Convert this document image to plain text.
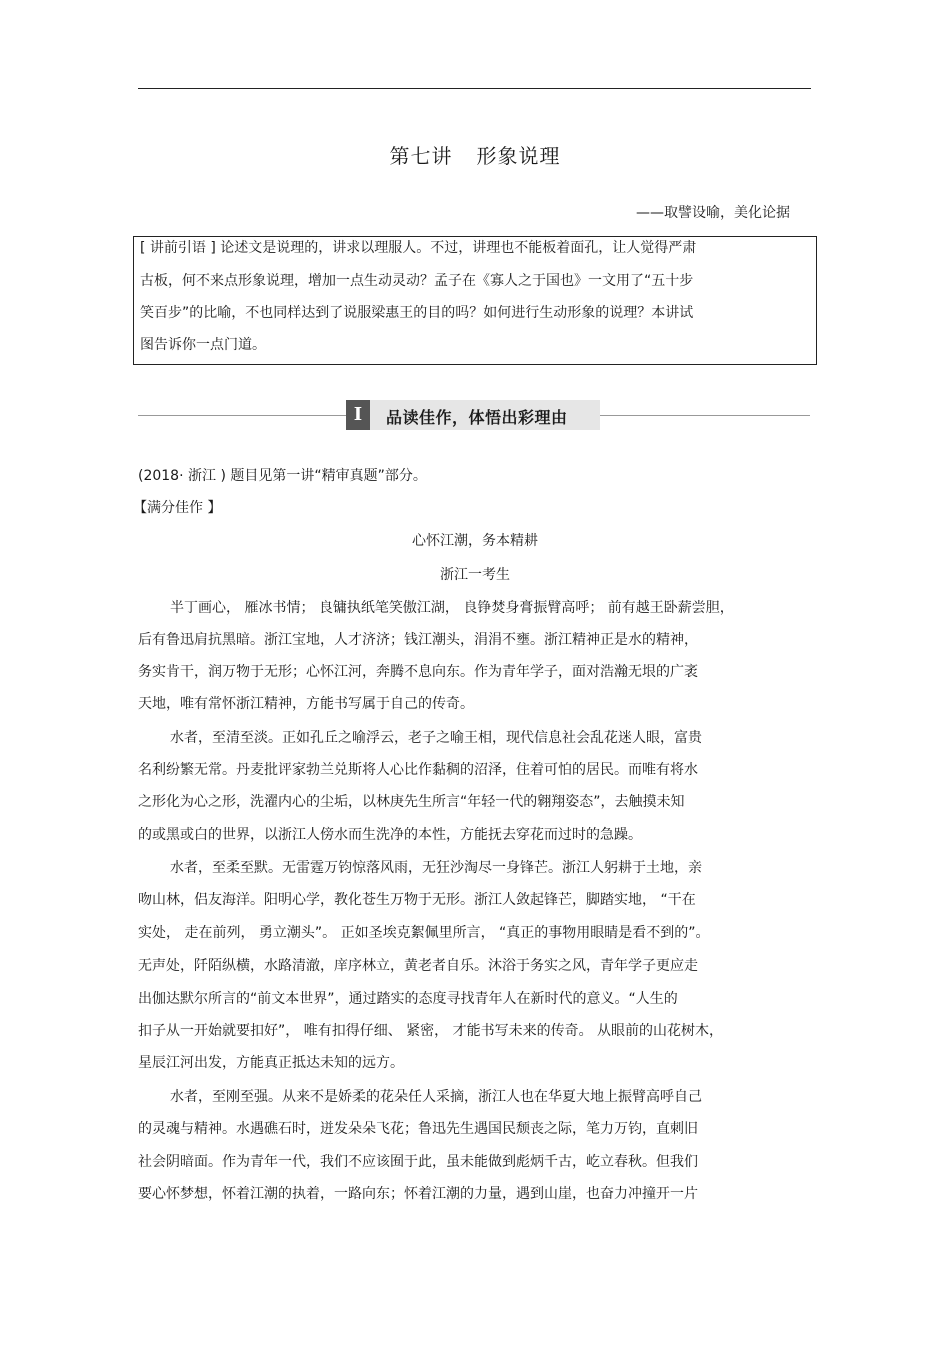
第七讲 形象说理
——取譬设喻，美化论据
[ 讲前引语 ] 论述文是说理的，讲求以理服人。不过，讲理也不能板着面孔，让人觉得严肃
古板，何不来点形象说理，增加一点生动灵动？孟子在《寡人之于国也》一文用了“五十步
笑百步”的比喻，不也同样达到了说服梁惠王的目的吗？如何进行生动形象的说理？本讲试
图告诉你一点门道。
I	品读佳作，体悟出彩理由
(2018· 浙江 ) 题目见第一讲“精审真题”部分。
【满分佳作 】
心怀江潮，务本精耕
浙江一考生
半丁画心， 雁冰书情； 良镛执纸笔笑傲江湖， 良铮焚身膏振臂高呼； 前有越王卧薪尝胆，
后有鲁迅肩抗黑暗。浙江宝地，人才济济；钱江潮头，涓涓不壅。浙江精神正是水的精神，
务实肯干，润万物于无形；心怀江河，奔腾不息向东。作为青年学子，面对浩瀚无垠的广袤
天地，唯有常怀浙江精神，方能书写属于自己的传奇。
水者，至清至淡。正如孔丘之喻浮云，老子之喻王相，现代信息社会乱花迷人眼，富贵
名利纷繁无常。丹麦批评家勃兰兑斯将人心比作黏稠的沼泽，住着可怕的居民。而唯有将水
之形化为心之形，洗濯内心的尘垢，以林庚先生所言“年轻一代的翱翔姿态”，去触摸未知
的或黑或白的世界，以浙江人傍水而生洗净的本性，方能抚去穿花而过时的急躁。
水者，至柔至默。无雷霆万钧惊落风雨，无狂沙淘尽一身锋芒。浙江人躬耕于土地，亲
吻山林，侣友海洋。阳明心学，教化苍生万物于无形。浙江人敛起锋芒，脚踏实地， “干在
实处， 走在前列， 勇立潮头”。 正如圣埃克絮佩里所言， “真正的事物用眼睛是看不到的”。
无声处，阡陌纵横，水路清澈，庠序林立，黄老者自乐。沐浴于务实之风，青年学子更应走
出伽达默尔所言的“前文本世界”，通过踏实的态度寻找青年人在新时代的意义。“人生的
扣子从一开始就要扣好”， 唯有扣得仔细、 紧密， 才能书写未来的传奇。 从眼前的山花树木，
星辰江河出发，方能真正抵达未知的远方。
水者，至刚至强。从来不是娇柔的花朵任人采摘，浙江人也在华夏大地上振臂高呼自己
的灵魂与精神。水遇礁石时，迸发朵朵飞花；鲁迅先生遇国民颓丧之际，笔力万钧，直刺旧
社会阴暗面。作为青年一代，我们不应该囿于此，虽未能做到彪炳千古，屹立春秋。但我们
要心怀梦想，怀着江潮的执着，一路向东；怀着江潮的力量，遇到山崖，也奋力冲撞开一片
